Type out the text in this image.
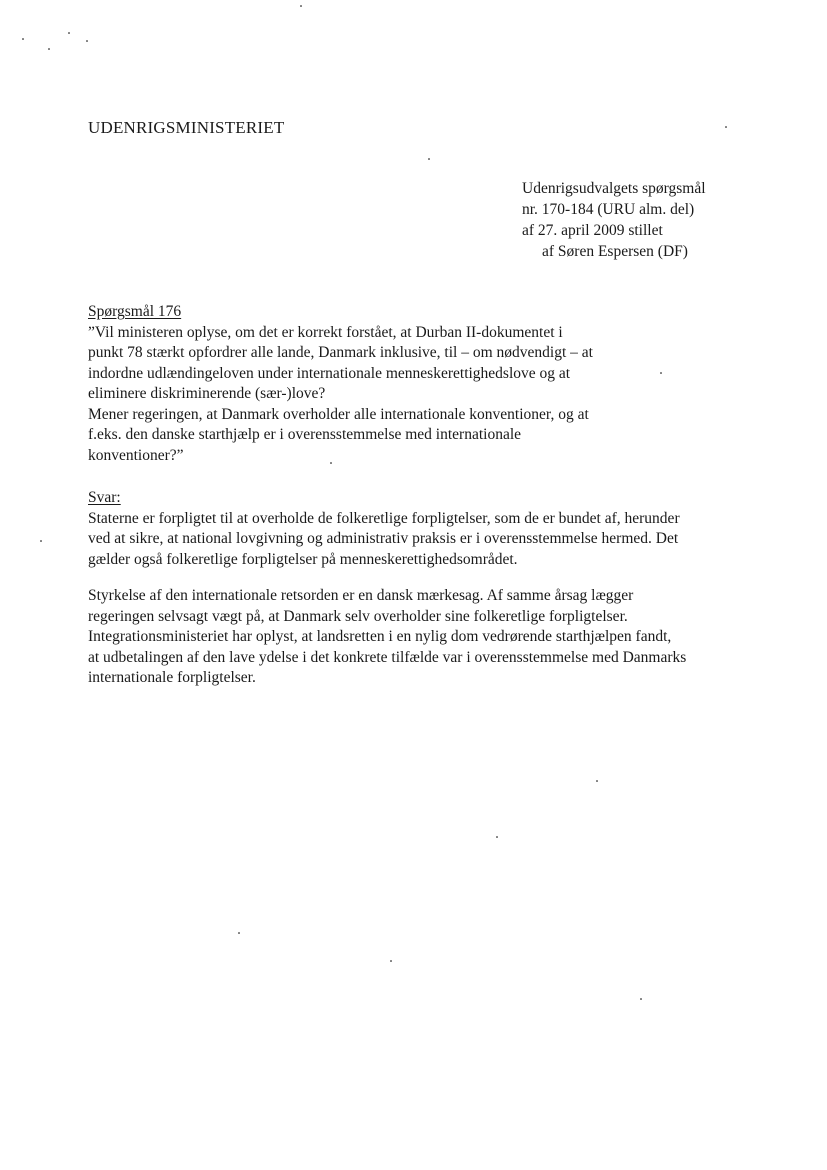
UDENRIGSMINISTERIET
Udenrigsudvalgets spørgsmål
nr. 170-184 (URU alm. del)
af 27. april 2009 stillet
af Søren Espersen (DF)
Spørgsmål 176
”Vil ministeren oplyse, om det er korrekt forstået, at Durban II-dokumentet i
punkt 78 stærkt opfordrer alle lande, Danmark inklusive, til – om nødvendigt – at
indordne udlændingeloven under internationale menneskerettighedslove og at
eliminere diskriminerende (sær-)love?
Mener regeringen, at Danmark overholder alle internationale konventioner, og at
f.eks. den danske starthjælp er i overensstemmelse med internationale
konventioner?”
Svar:
Staterne er forpligtet til at overholde de folkeretlige forpligtelser, som de er bundet af, herunder
ved at sikre, at national lovgivning og administrativ praksis er i overensstemmelse hermed. Det
gælder også folkeretlige forpligtelser på menneskerettighedsområdet.
Styrkelse af den internationale retsorden er en dansk mærkesag. Af samme årsag lægger
regeringen selvsagt vægt på, at Danmark selv overholder sine folkeretlige forpligtelser.
Integrationsministeriet har oplyst, at landsretten i en nylig dom vedrørende starthjælpen fandt,
at udbetalingen af den lave ydelse i det konkrete tilfælde var i overensstemmelse med Danmarks
internationale forpligtelser.
